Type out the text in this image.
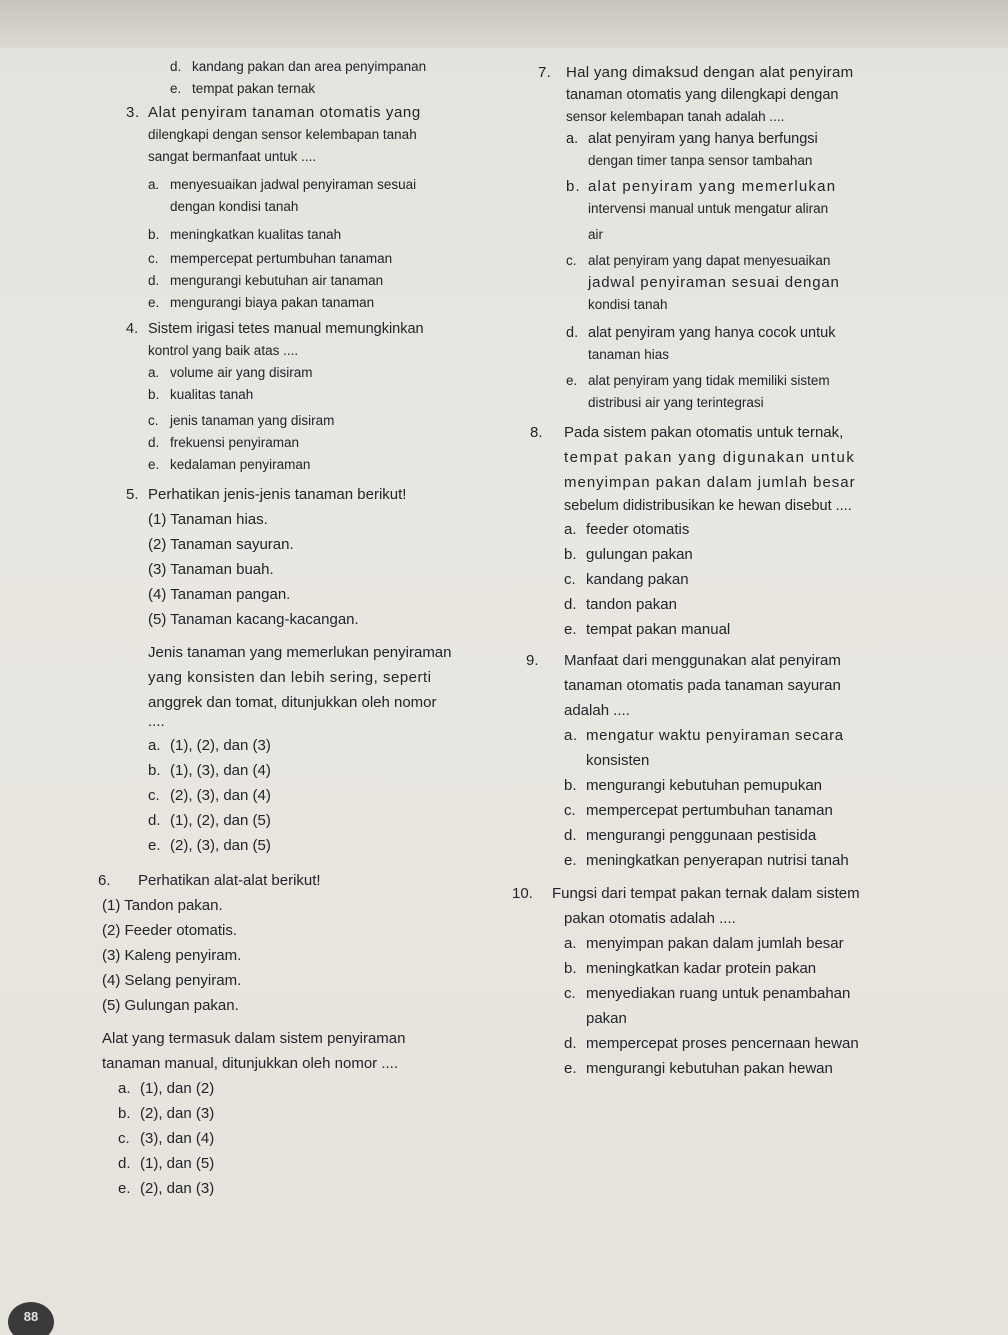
d. kandang pakan dan area penyimpanan
e. tempat pakan ternak
3. Alat penyiram tanaman otomatis yang
dilengkapi dengan sensor kelembapan tanah
sangat bermanfaat untuk ....
a. menyesuaikan jadwal penyiraman sesuai
dengan kondisi tanah
b. meningkatkan kualitas tanah
c. mempercepat pertumbuhan tanaman
d. mengurangi kebutuhan air tanaman
e. mengurangi biaya pakan tanaman
4. Sistem irigasi tetes manual memungkinkan
kontrol yang baik atas ....
a. volume air yang disiram
b. kualitas tanah
c. jenis tanaman yang disiram
d. frekuensi penyiraman
e. kedalaman penyiraman
5. Perhatikan jenis-jenis tanaman berikut!
(1) Tanaman hias.
(2) Tanaman sayuran.
(3) Tanaman buah.
(4) Tanaman pangan.
(5) Tanaman kacang-kacangan.
Jenis tanaman yang memerlukan penyiraman
yang konsisten dan lebih sering, seperti
anggrek dan tomat, ditunjukkan oleh nomor
....
a. (1), (2), dan (3)
b. (1), (3), dan (4)
c. (2), (3), dan (4)
d. (1), (2), dan (5)
e. (2), (3), dan (5)
6. Perhatikan alat-alat berikut!
(1) Tandon pakan.
(2) Feeder otomatis.
(3) Kaleng penyiram.
(4) Selang penyiram.
(5) Gulungan pakan.
Alat yang termasuk dalam sistem penyiraman
tanaman manual, ditunjukkan oleh nomor ....
a. (1), dan (2)
b. (2), dan (3)
c. (3), dan (4)
d. (1), dan (5)
e. (2), dan (3)
7. Hal yang dimaksud dengan alat penyiram
tanaman otomatis yang dilengkapi dengan
sensor kelembapan tanah adalah ....
a. alat penyiram yang hanya berfungsi
dengan timer tanpa sensor tambahan
b. alat penyiram yang memerlukan
intervensi manual untuk mengatur aliran
air
c. alat penyiram yang dapat menyesuaikan
jadwal penyiraman sesuai dengan
kondisi tanah
d. alat penyiram yang hanya cocok untuk
tanaman hias
e. alat penyiram yang tidak memiliki sistem
distribusi air yang terintegrasi
8. Pada sistem pakan otomatis untuk ternak,
tempat pakan yang digunakan untuk
menyimpan pakan dalam jumlah besar
sebelum didistribusikan ke hewan disebut ....
a. feeder otomatis
b. gulungan pakan
c. kandang pakan
d. tandon pakan
e. tempat pakan manual
9. Manfaat dari menggunakan alat penyiram
tanaman otomatis pada tanaman sayuran
adalah ....
a. mengatur waktu penyiraman secara
konsisten
b. mengurangi kebutuhan pemupukan
c. mempercepat pertumbuhan tanaman
d. mengurangi penggunaan pestisida
e. meningkatkan penyerapan nutrisi tanah
10. Fungsi dari tempat pakan ternak dalam sistem
pakan otomatis adalah ....
a. menyimpan pakan dalam jumlah besar
b. meningkatkan kadar protein pakan
c. menyediakan ruang untuk penambahan
pakan
d. mempercepat proses pencernaan hewan
e. mengurangi kebutuhan pakan hewan
88
